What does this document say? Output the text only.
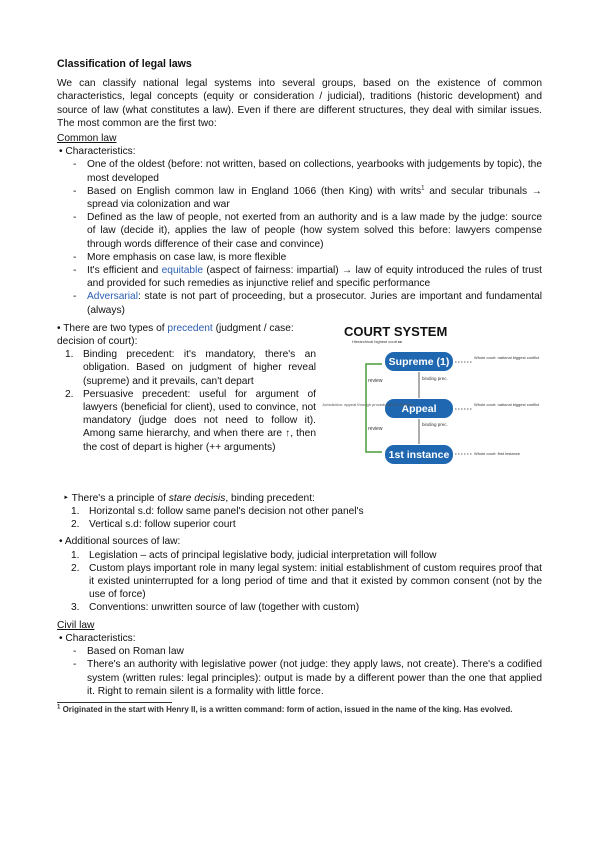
Classification of legal laws
We can classify national legal systems into several groups, based on the existence of common characteristics, legal concepts (equity or consideration / judicial), traditions (historic development) and source of law (what constitutes a law). Even if there are different structures, they deal with similar issues. The most common are the first two:
Common law
• Characteristics:
- One of the oldest (before: not written, based on collections, yearbooks with judgements by topic), the most developed
- Based on English common law in England 1066 (then King) with writs$^1$ and secular tribunals → spread via colonization and war
- Defined as the law of people, not exerted from an authority and is a law made by the judge: source of law (decide it), applies the law of people (how system solved this before: lawyers compense through words difference of their case and convince)
- More emphasis on case law, is more flexible
- It's efficient and equitable (aspect of fairness: impartial) → law of equity introduced the rules of trust and provided for such remedies as injunctive relief and specific performance
- Adversarial: state is not part of proceeding, but a prosecutor. Juries are important and fundamental (always)
• There are two types of precedent (judgment / case: decision of court):
1. Binding precedent: it's mandatory, there's an obligation. Based on judgment of higher reveal (supreme) and it prevails, can't depart
2. Persuasive precedent: useful for argument of lawyers (beneficial for client), used to convince, not mandatory (judge does not need to follow it). Among same hierarchy, and when there are ↑, then the cost of depart is higher (++ arguments)
COURT SYSTEM
Hierarchical highest court ▸▸
Supreme (1)
Appeal
1st instance
Whole court: national biggest conflict
Whole court: national biggest conflict
Whole court: first instance
review
review
Jurisdiction: appeal through procedural/ the decision
binding prec.
binding prec.
‣ There's a principle of stare decisis, binding precedent:
1. Horizontal s.d: follow same panel's decision not other panel's
2. Vertical s.d: follow superior court
• Additional sources of law:
1. Legislation – acts of principal legislative body, judicial interpretation will follow
2. Custom plays important role in many legal system: initial establishment of custom requires proof that it existed uninterrupted for a long period of time and that it existed by common consent (not by the use of force)
3. Conventions: unwritten source of law (together with custom)
Civil law
• Characteristics:
- Based on Roman law
- There's an authority with legislative power (not judge: they apply laws, not create). There's a codified system (written rules: legal principles): output is made by a different power than the one that applied it. Right to remain silent is a formality with little force.
$^1$ Originated in the start with Henry II, is a written command: form of action, issued in the name of the king. Has evolved.
